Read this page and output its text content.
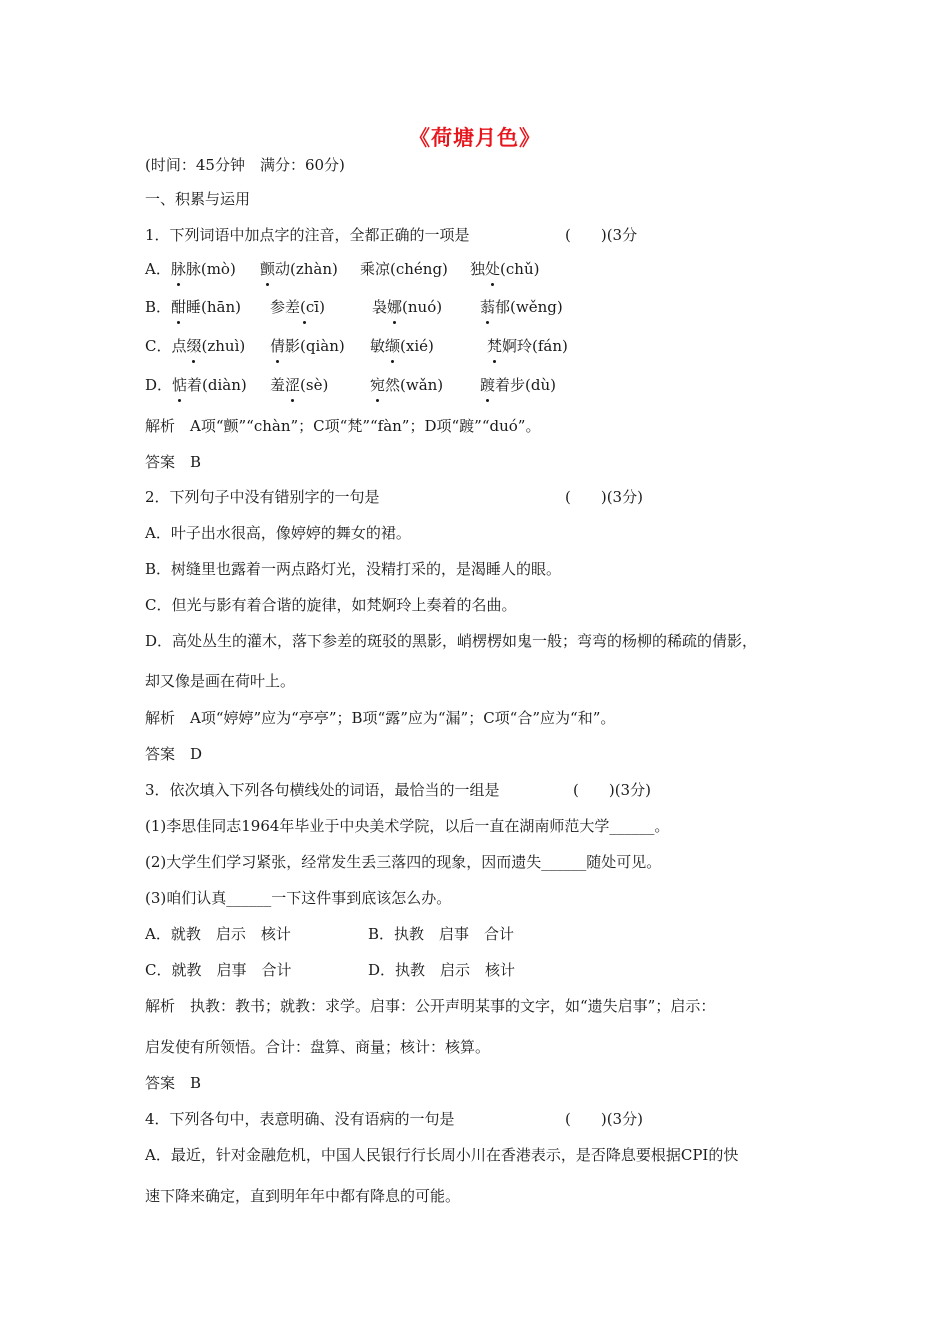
《荷塘月色》
(时间：45分钟　满分：60分)
一、积累与运用
1．下列词语中加点字的注音，全都正确的一项是	(　　)(3分
A．脉脉(mò) 颤动(zhàn) 乘凉(chéng) 独处(chǔ)
B．酣睡(hān) 参差(cī)	袅娜(nuó)	蓊郁(wěng)
C．点缀(zhuì) 倩影(qiàn) 敏缬(xié)	梵婀玲(fán)
D．惦着(diàn) 羞涩(sè)	宛然(wǎn) 踱着步(dù)
解析　A项“颤”“chàn”；C项“梵”“fàn”；D项“踱”“duó”。
答案　B
2．下列句子中没有错别字的一句是	(　　)(3分)
A．叶子出水很高，像婷婷的舞女的裙。
B．树缝里也露着一两点路灯光，没精打采的，是渴睡人的眼。
C．但光与影有着合谐的旋律，如梵婀玲上奏着的名曲。
D．高处丛生的灌木，落下参差的斑驳的黑影，峭楞楞如鬼一般；弯弯的杨柳的稀疏的倩影，
却又像是画在荷叶上。
解析　A项“婷婷”应为“亭亭”；B项“露”应为“漏”；C项“合”应为“和”。
答案　D
3．依次填入下列各句横线处的词语，最恰当的一组是	(　　)(3分)
(1)李思佳同志1964年毕业于中央美术学院，以后一直在湖南师范大学______。
(2)大学生们学习紧张，经常发生丢三落四的现象，因而遗失______随处可见。
(3)咱们认真______一下这件事到底该怎么办。
A．就教　启示　核计	B．执教　启事　合计
C．就教　启事　合计	D．执教　启示　核计
解析　执教：教书；就教：求学。启事：公开声明某事的文字，如“遗失启事”；启示：
启发使有所领悟。合计：盘算、商量；核计：核算。
答案　B
4．下列各句中，表意明确、没有语病的一句是	(　　)(3分)
A．最近，针对金融危机，中国人民银行行长周小川在香港表示，是否降息要根据CPI的快
速下降来确定，直到明年年中都有降息的可能。
